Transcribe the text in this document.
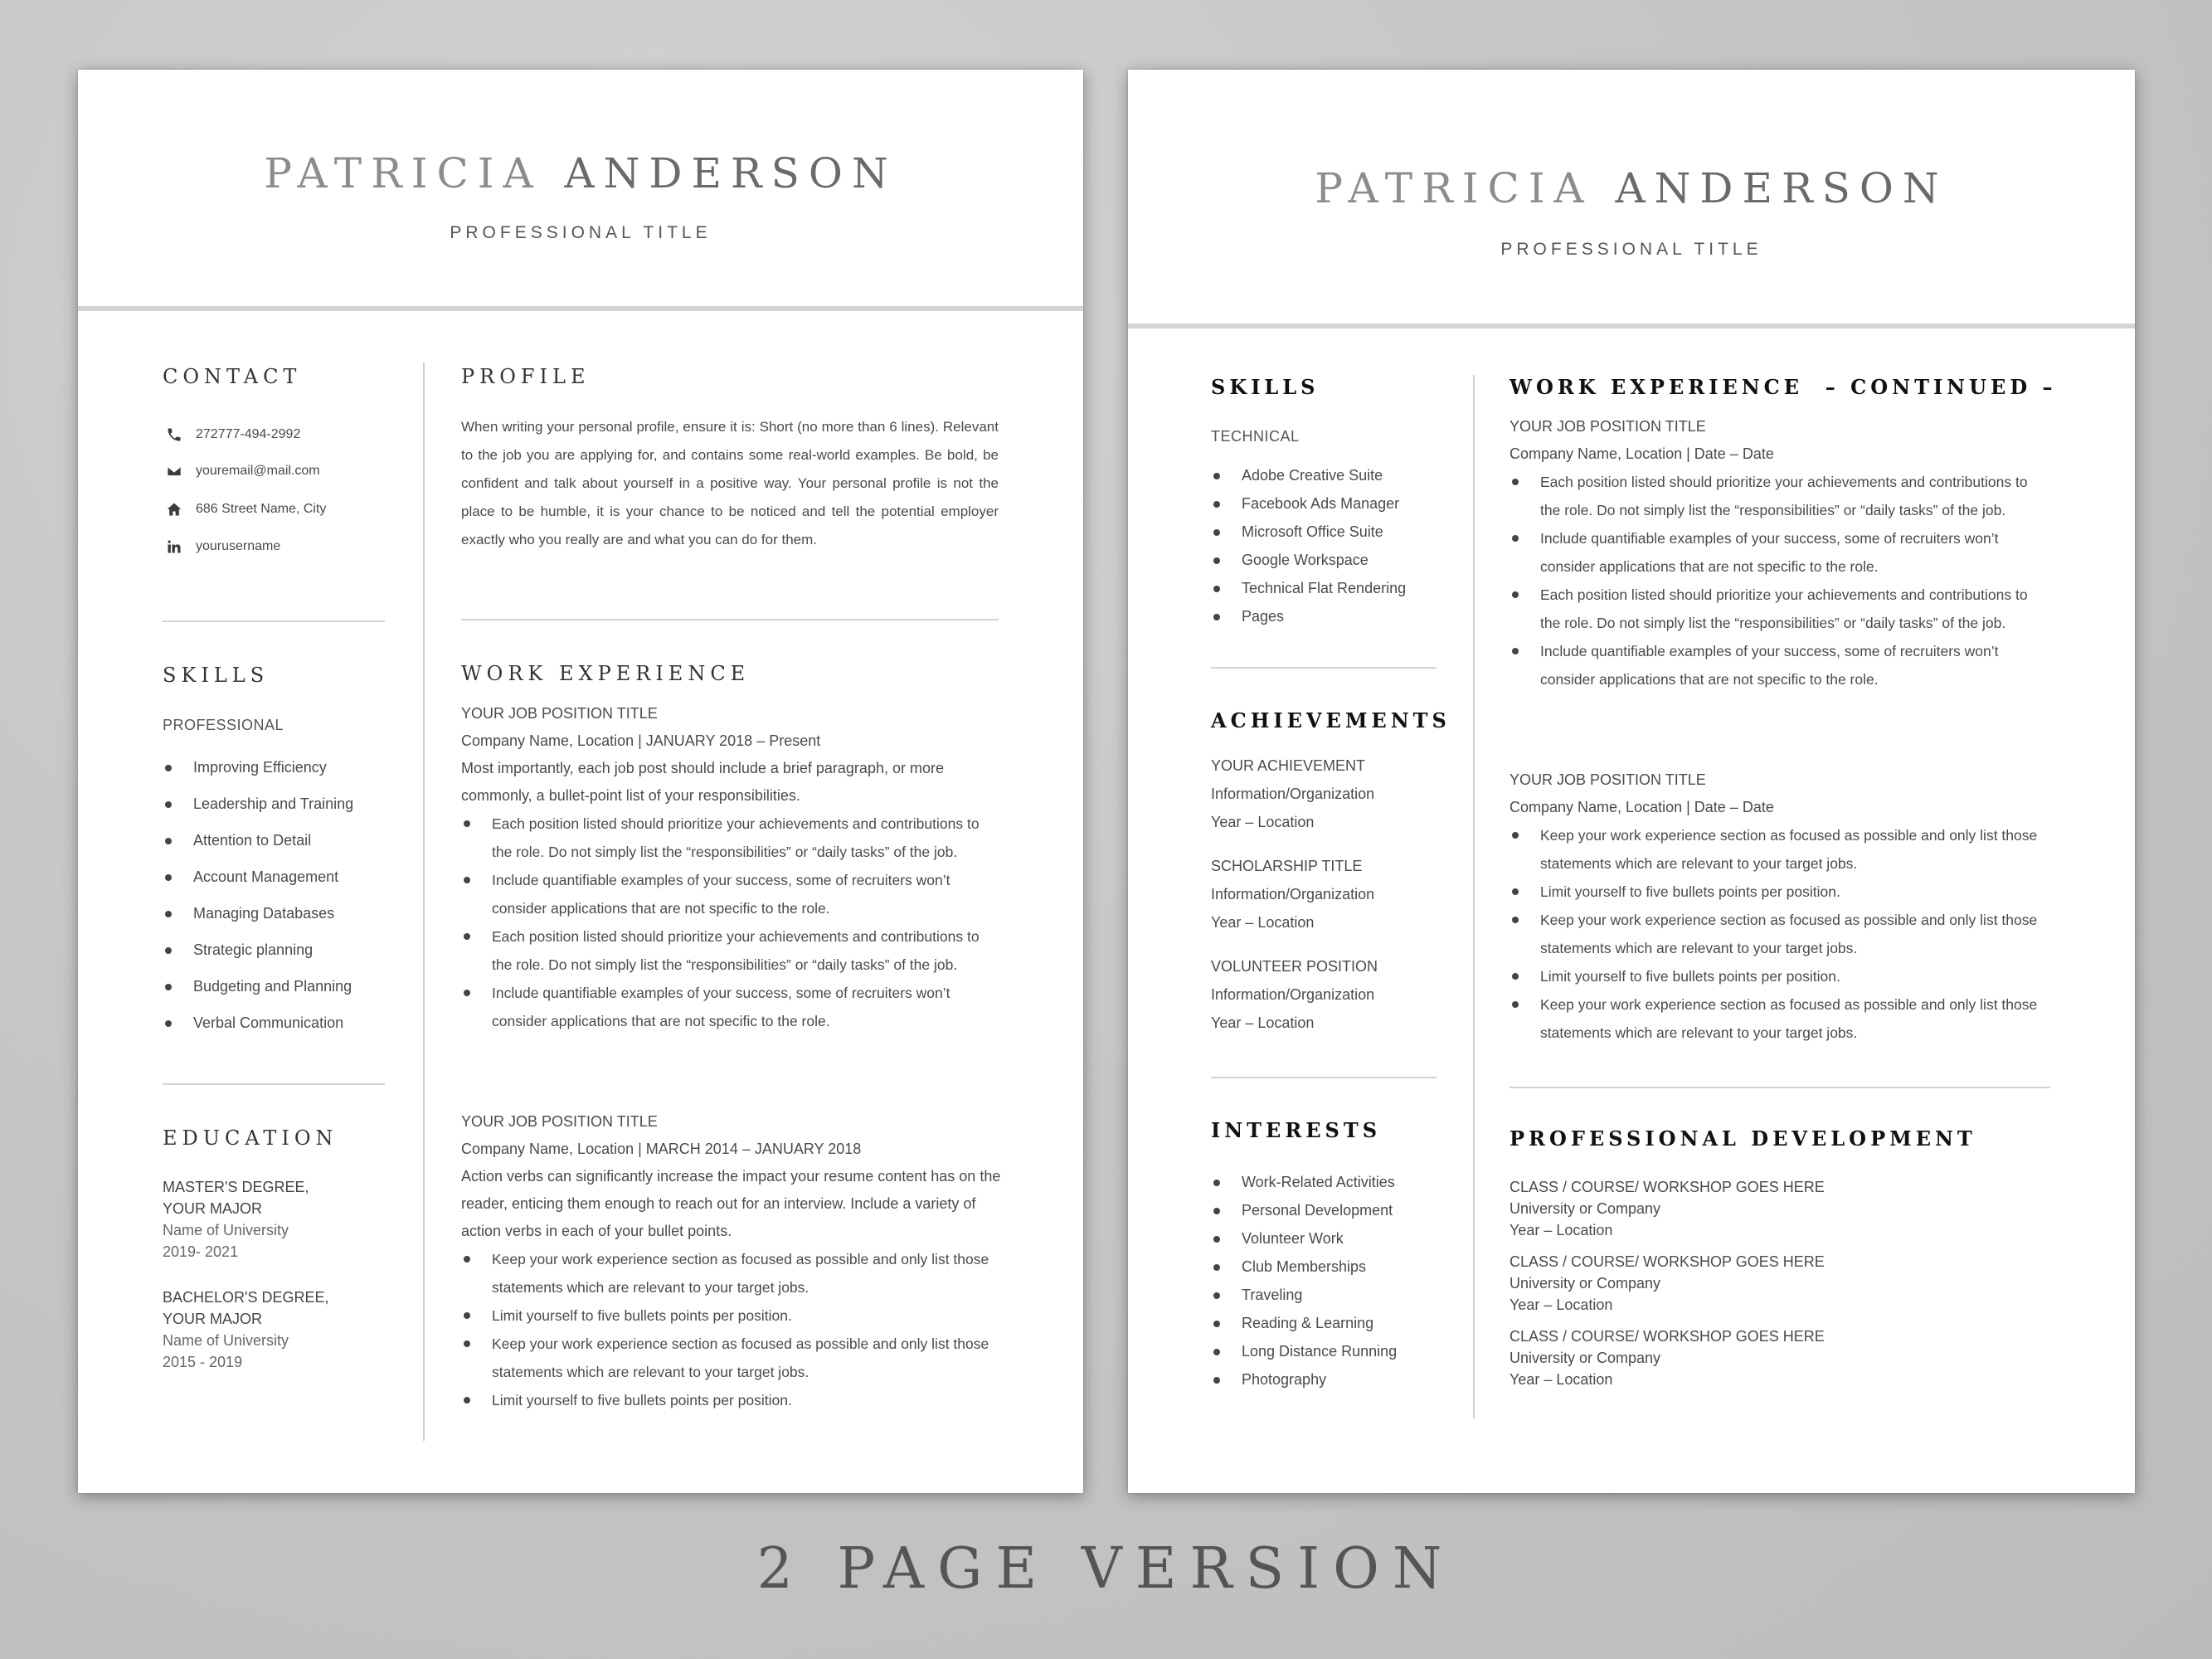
PATRICIA ANDERSON
PROFESSIONAL TITLE
CONTACT
272777-494-2992
youremail@mail.com
686 Street Name, City
yourusername
SKILLS
PROFESSIONAL
Improving Efficiency
Leadership and Training
Attention to Detail
Account Management
Managing Databases
Strategic planning
Budgeting and Planning
Verbal Communication
EDUCATION
MASTER'S DEGREE,
YOUR MAJOR
Name of University
2019- 2021
BACHELOR'S DEGREE,
YOUR MAJOR
Name of University
2015 - 2019
PROFILE
When writing your personal profile, ensure it is: Short (no more than 6 lines). Relevant to the job you are applying for, and contains some real-world examples. Be bold, be confident and talk about yourself in a positive way. Your personal profile is not the place to be humble, it is your chance to be noticed and tell the potential employer exactly who you really are and what you can do for them.
WORK EXPERIENCE
YOUR JOB POSITION TITLE
Company Name, Location | JANUARY 2018 – Present
Most importantly, each job post should include a brief paragraph, or more commonly, a bullet-point list of your responsibilities.
Each position listed should prioritize your achievements and contributions to the role. Do not simply list the “responsibilities” or “daily tasks” of the job.
Include quantifiable examples of your success, some of recruiters won’t consider applications that are not specific to the role.
Each position listed should prioritize your achievements and contributions to the role. Do not simply list the “responsibilities” or “daily tasks” of the job.
Include quantifiable examples of your success, some of recruiters won’t consider applications that are not specific to the role.
YOUR JOB POSITION TITLE
Company Name, Location | MARCH 2014 – JANUARY 2018
Action verbs can significantly increase the impact your resume content has on the reader, enticing them enough to reach out for an interview. Include a variety of action verbs in each of your bullet points.
Keep your work experience section as focused as possible and only list those statements which are relevant to your target jobs.
Limit yourself to five bullets points per position.
Keep your work experience section as focused as possible and only list those statements which are relevant to your target jobs.
Limit yourself to five bullets points per position.
PATRICIA ANDERSON
PROFESSIONAL TITLE
SKILLS
TECHNICAL
Adobe Creative Suite
Facebook Ads Manager
Microsoft Office Suite
Google Workspace
Technical Flat Rendering
Pages
ACHIEVEMENTS
YOUR ACHIEVEMENT
Information/Organization
Year – Location
SCHOLARSHIP TITLE
Information/Organization
Year – Location
VOLUNTEER POSITION
Information/Organization
Year – Location
INTERESTS
Work-Related Activities
Personal Development
Volunteer Work
Club Memberships
Traveling
Reading & Learning
Long Distance Running
Photography
WORK EXPERIENCE  – CONTINUED –
YOUR JOB POSITION TITLE
Company Name, Location | Date – Date
Each position listed should prioritize your achievements and contributions to the role. Do not simply list the “responsibilities” or “daily tasks” of the job.
Include quantifiable examples of your success, some of recruiters won’t consider applications that are not specific to the role.
Each position listed should prioritize your achievements and contributions to the role. Do not simply list the “responsibilities” or “daily tasks” of the job.
Include quantifiable examples of your success, some of recruiters won’t consider applications that are not specific to the role.
YOUR JOB POSITION TITLE
Company Name, Location | Date – Date
Keep your work experience section as focused as possible and only list those statements which are relevant to your target jobs.
Limit yourself to five bullets points per position.
Keep your work experience section as focused as possible and only list those statements which are relevant to your target jobs.
Limit yourself to five bullets points per position.
Keep your work experience section as focused as possible and only list those statements which are relevant to your target jobs.
PROFESSIONAL DEVELOPMENT
CLASS / COURSE/ WORKSHOP GOES HERE
University or Company
Year – Location
CLASS / COURSE/ WORKSHOP GOES HERE
University or Company
Year – Location
CLASS / COURSE/ WORKSHOP GOES HERE
University or Company
Year – Location
2 PAGE VERSION
